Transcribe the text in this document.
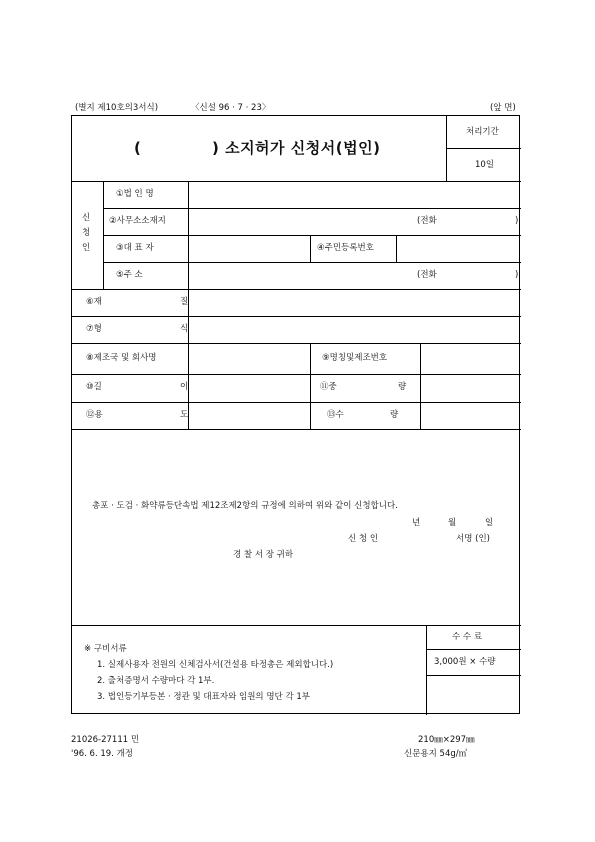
(별지 제10호의3서식)	〈신설 96 · 7 · 23〉	(앞 면)
(	) 소지허가 신청서(법인)
처리기간
10일
신
청
인
①법 인 명
②사무소소재지	(전화	)
③대 표 자	④주민등록번호
⑤주 소	(전화	)
⑥재	질
⑦형	식
⑧제조국 및 회사명	⑨명칭및제조번호
⑩길	이	⑪중	량
⑫용	도	⑬수	량
총포 · 도검 · 화약류등단속법 제12조제2항의 규정에 의하여 위와 같이 신청합니다.
년	월	일
신 청 인	서명 (인)
경 찰 서 장 귀하
※ 구비서류
1. 실제사용자 전원의 신체검사서(건설용 타정총은 제외합니다.)
2. 출처증명서 수량마다 각 1부.
3. 법인등기부등본 · 정관 및 대표자와 임원의 명단 각 1부
수 수 료
3,000원 × 수량
21026-27111 민
'96. 6. 19. 개정
210㎜×297㎜
신문용지 54g/㎡
